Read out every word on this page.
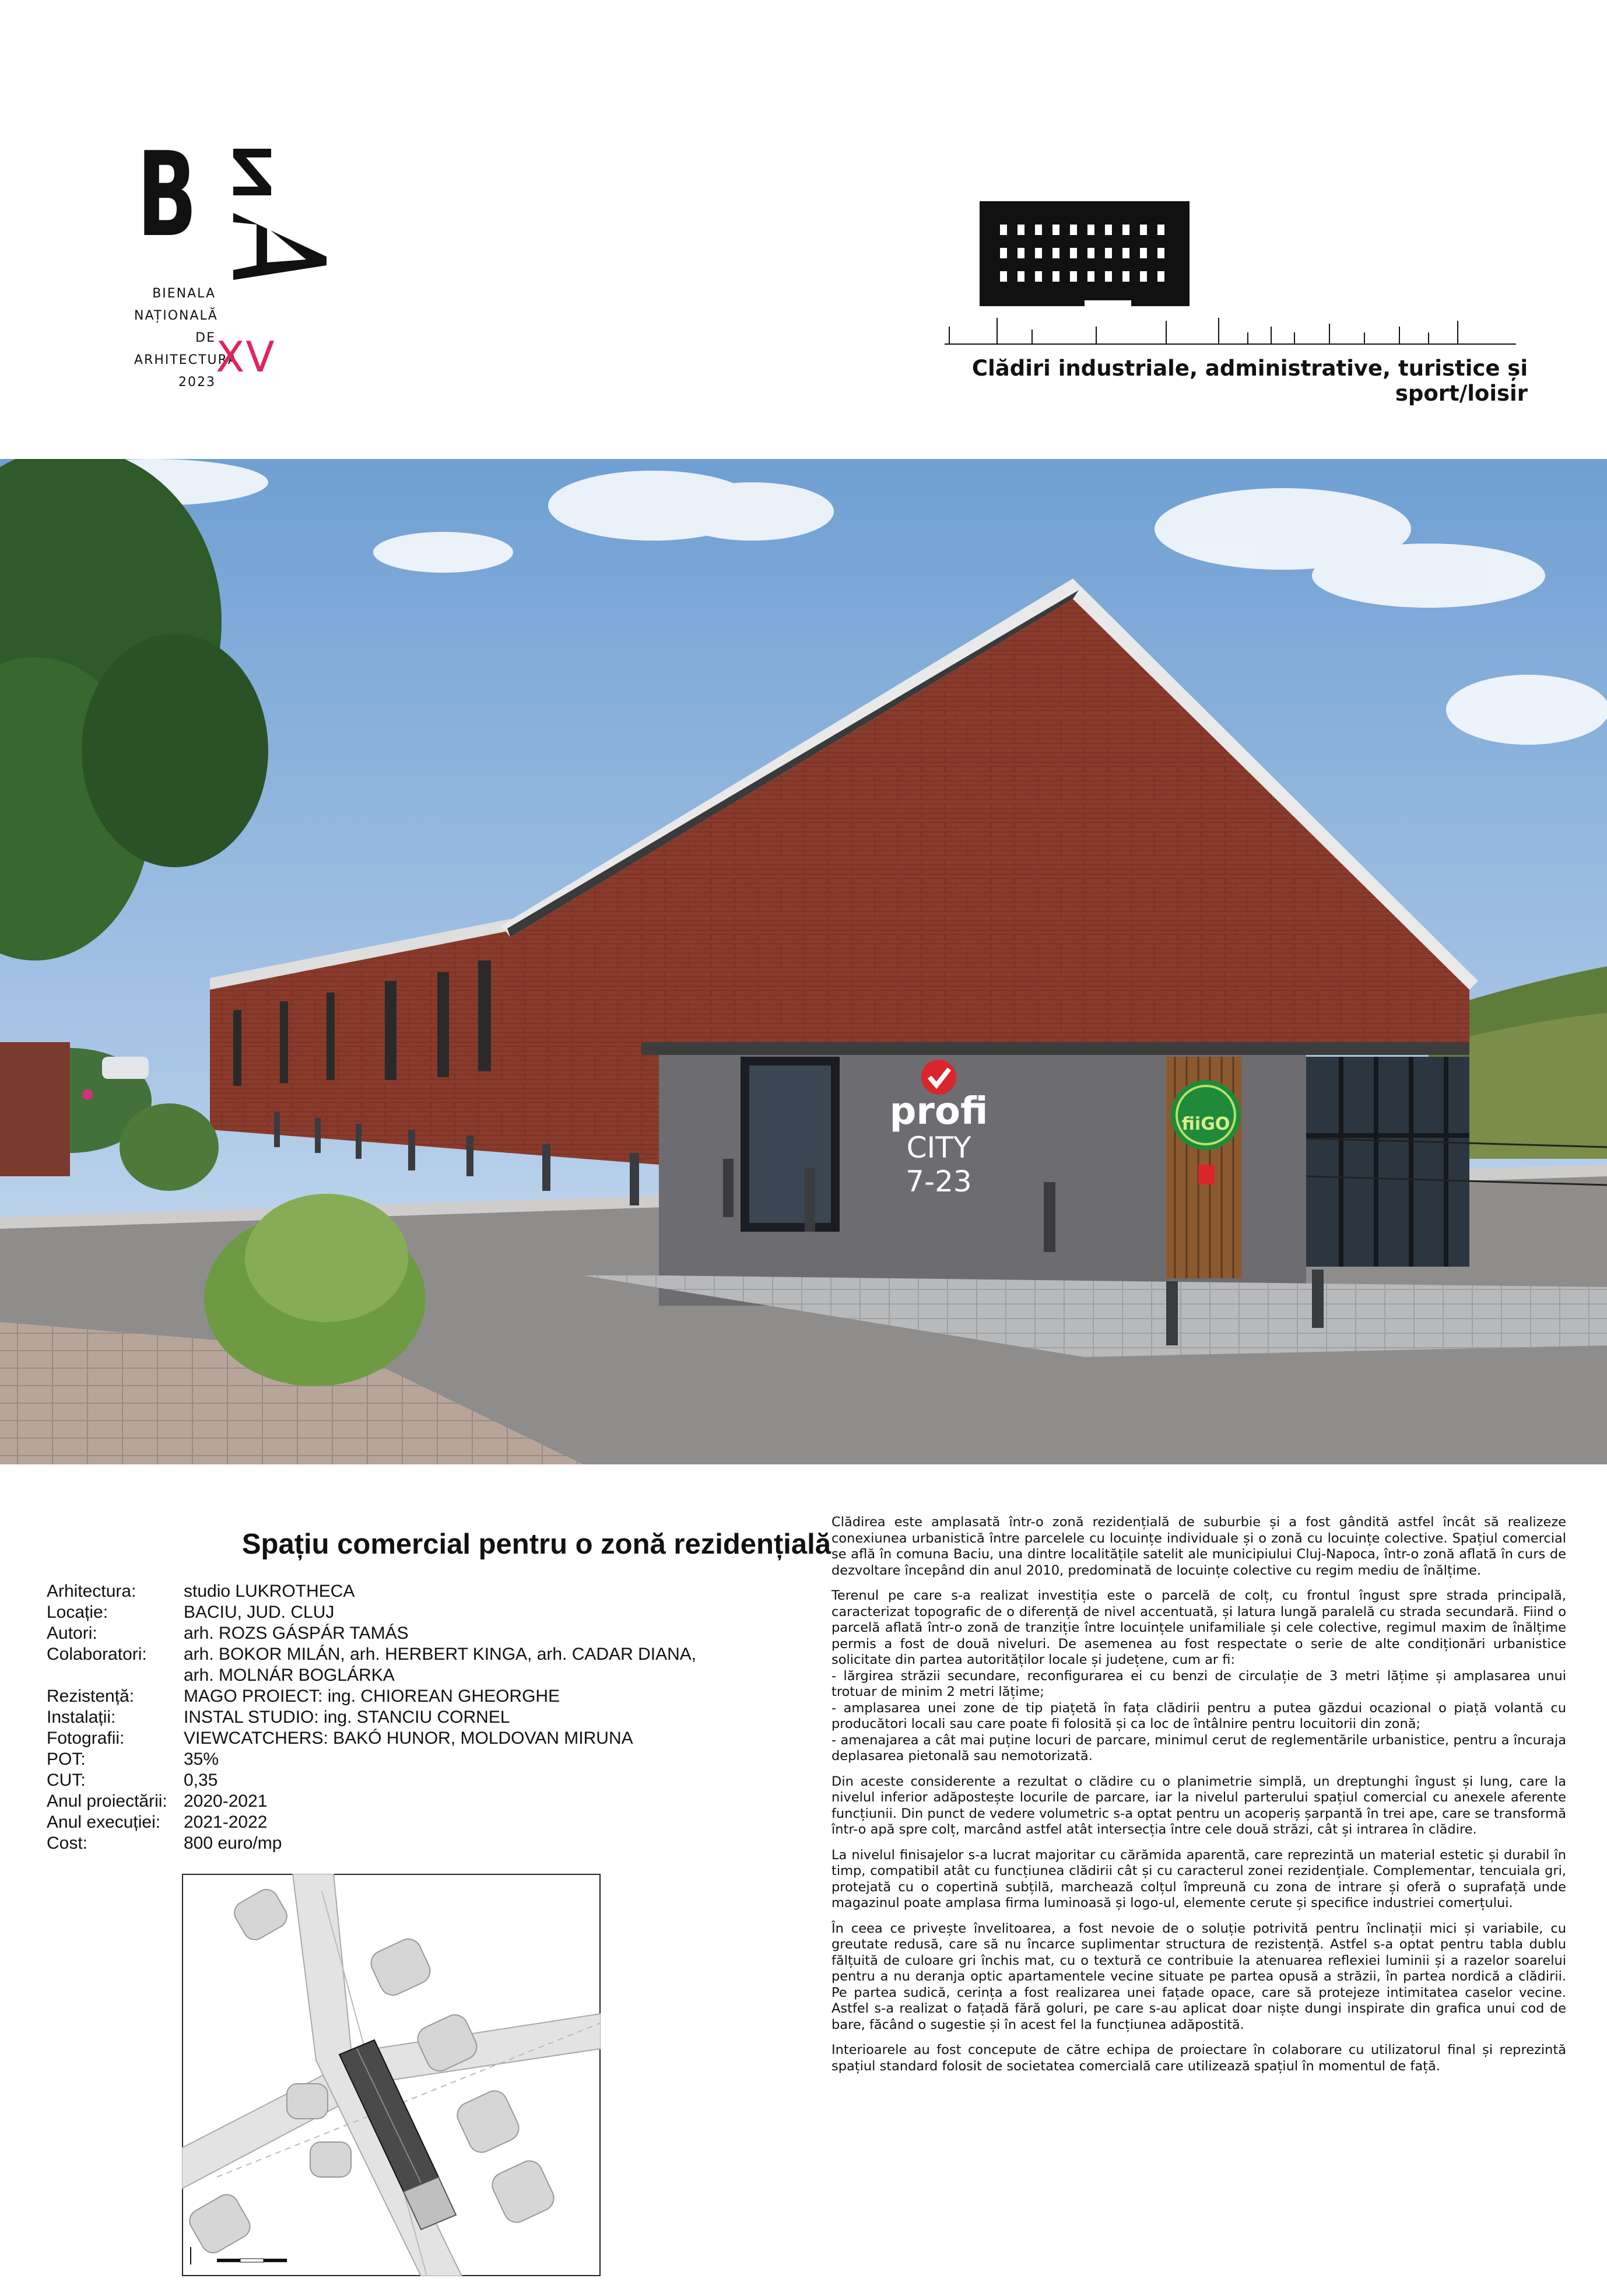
B
BIENALA
NAȚIONALĂ
DE
ARHITECTURĂ
2023
XV	Clădiri industriale, administrative, turistice și sport/loisir
profi
CITY
7-23
fiiGO
Spațiu comercial pentru o zonă rezidențială
Arhitectura:	studio LUKROTHECA
Locație:	BACIU, JUD. CLUJ
Autori:	arh. ROZS GÁSPÁR TAMÁS
Colaboratori:	arh. BOKOR MILÁN, arh. HERBERT KINGA, arh. CADAR DIANA,
arh. MOLNÁR BOGLÁRKA
Rezistență:	MAGO PROIECT: ing. CHIOREAN GHEORGHE
Instalații:	INSTAL STUDIO: ing. STANCIU CORNEL
Fotografii:	VIEWCATCHERS: BAKÓ HUNOR, MOLDOVAN MIRUNA
POT:	35%
CUT:	0,35
Anul proiectării: 2020-2021
Anul execuției:	2021-2022
Cost:	800 euro/mp

Clădirea este amplasată într-o zonă rezidențială de suburbie și a fost gândită astfel încât să realizeze conexiunea urbanistică între parcelele cu locuințe individuale și o zonă cu locuințe colective. Spațiul comercial se află în comuna Baciu, una dintre localitățile satelit ale municipiului Cluj-Napoca, într-o zonă aflată în curs de dezvoltare începând din anul 2010, predominată de locuințe colective cu regim mediu de înălțime.

Terenul pe care s-a realizat investiția este o parcelă de colț, cu frontul îngust spre strada principală, caracterizat topografic de o diferență de nivel accentuată, și latura lungă paralelă cu strada secundară. Fiind o parcelă aflată într-o zonă de tranziție între locuințele unifamiliale și cele colective, regimul maxim de înălțime permis a fost de două niveluri. De asemenea au fost respectate o serie de alte condiționări urbanistice solicitate din partea autorităților locale și județene, cum ar fi:
- lărgirea străzii secundare, reconfigurarea ei cu benzi de circulație de 3 metri lățime și amplasarea unui trotuar de minim 2 metri lățime;
- amplasarea unei zone de tip piațetă în fața clădirii pentru a putea găzdui ocazional o piață volantă cu producători locali sau care poate fi folosită și ca loc de întâlnire pentru locuitorii din zonă;
- amenajarea a cât mai puține locuri de parcare, minimul cerut de reglementările urbanistice, pentru a încuraja deplasarea pietonală sau nemotorizată.

Din aceste considerente a rezultat o clădire cu o planimetrie simplă, un dreptunghi îngust și lung, care la nivelul inferior adăpostește locurile de parcare, iar la nivelul parterului spațiul comercial cu anexele aferente funcțiunii. Din punct de vedere volumetric s-a optat pentru un acoperiș șarpantă în trei ape, care se transformă într-o apă spre colț, marcând astfel atât intersecția între cele două străzi, cât și intrarea în clădire.

La nivelul finisajelor s-a lucrat majoritar cu cărămida aparentă, care reprezintă un material estetic și durabil în timp, compatibil atât cu funcțiunea clădirii cât și cu caracterul zonei rezidențiale. Complementar, tencuiala gri, protejată cu o copertină subțilă, marchează colțul împreună cu zona de intrare și oferă o suprafață unde magazinul poate amplasa firma luminoasă și logo-ul, elemente cerute și specifice industriei comerțului.

În ceea ce privește învelitoarea, a fost nevoie de o soluție potrivită pentru înclinații mici și variabile, cu greutate redusă, care să nu încarce suplimentar structura de rezistență. Astfel s-a optat pentru tabla dublu fălțuită de culoare gri închis mat, cu o textură ce contribuie la atenuarea reflexiei luminii și a razelor soarelui pentru a nu deranja optic apartamentele vecine situate pe partea opusă a străzii, în partea nordică a clădirii. Pe partea sudică, cerința a fost realizarea unei fațade opace, care să protejeze intimitatea caselor vecine. Astfel s-a realizat o fațadă fără goluri, pe care s-au aplicat doar niște dungi inspirate din grafica unui cod de bare, făcând o sugestie și în acest fel la funcțiunea adăpostită.

Interioarele au fost concepute de către echipa de proiectare în colaborare cu utilizatorul final și reprezintă spațiul standard folosit de societatea comercială care utilizează spațiul în momentul de față.
